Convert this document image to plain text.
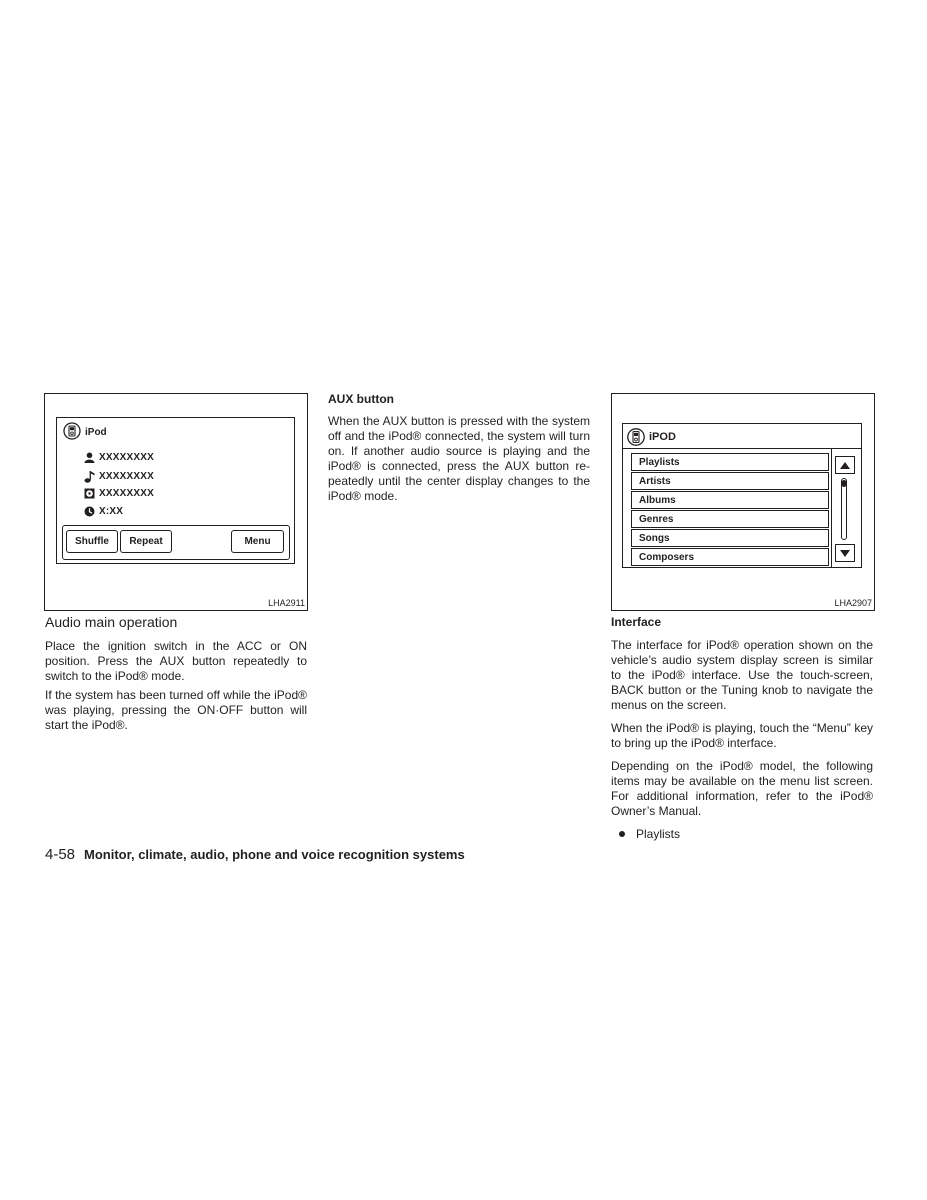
iPod
XXXXXXXX
XXXXXXXX
XXXXXXXX
X:XX
Shuffle	Repeat	Menu
LHA2911
iPOD
Playlists
Artists
Albums
Genres
Songs
Composers
LHA2907
Audio main operation

Place the ignition switch in the ACC or ON position. Press the AUX button repeatedly to switch to the iPod® mode.

If the system has been turned off while the iPod® was playing, pressing the ON·OFF button will start the iPod®.

AUX button

When the AUX button is pressed with the system off and the iPod® connected, the system will turn on. If another audio source is playing and the iPod® is connected, press the AUX button re-peatedly until the center display changes to the iPod® mode.

Interface

The interface for iPod® operation shown on the vehicle’s audio system display screen is similar to the iPod® interface. Use the touch-screen, BACK button or the Tuning knob to navigate the menus on the screen.

When the iPod® is playing, touch the “Menu” key to bring up the iPod® interface.

Depending on the iPod® model, the following items may be available on the menu list screen. For additional information, refer to the iPod® Owner’s Manual.

Playlists
4-58 Monitor, climate, audio, phone and voice recognition systems
